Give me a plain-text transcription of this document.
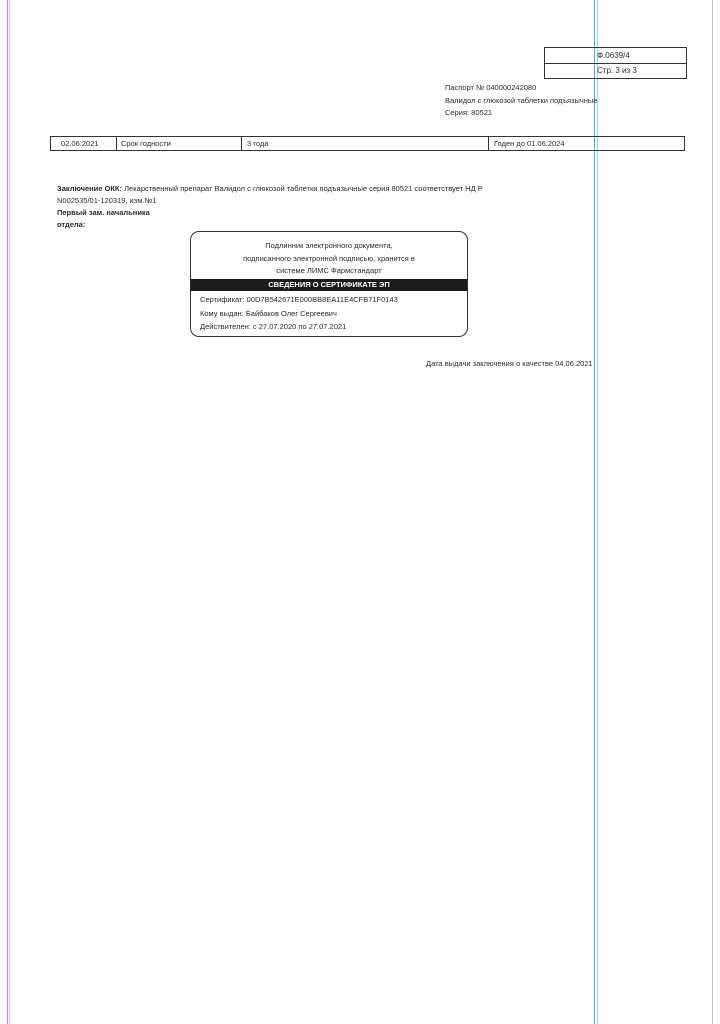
Ф.0639/4
Стр. 3 из 3
Паспорт № 040000242080
Валидол с глюкозой таблетки подъязычные
Серия: 80521
02.06.2021	Срок годности	3 года	Годен до 01.06.2024
Заключение ОКК: Лекарственный препарат Валидол с глюкозой таблетки подъязычные серия 80521 соответствует НД Р
N002535/01-120319, изм.№1
Первый зам. начальника
отдела:
Подлинник электронного документа,
подписанного электронной подписью, хранится в
системе ЛИМС Фармстандарт
СВЕДЕНИЯ О СЕРТИФИКАТЕ ЭП
Сертификат: 00D7B542671E000BB8EA11E4CFB71F0143
Кому выдан: Байбаков Олег Сергеевич
Действителен: с 27.07.2020 по 27.07.2021
Дата выдачи заключения о качестве 04.06.2021
